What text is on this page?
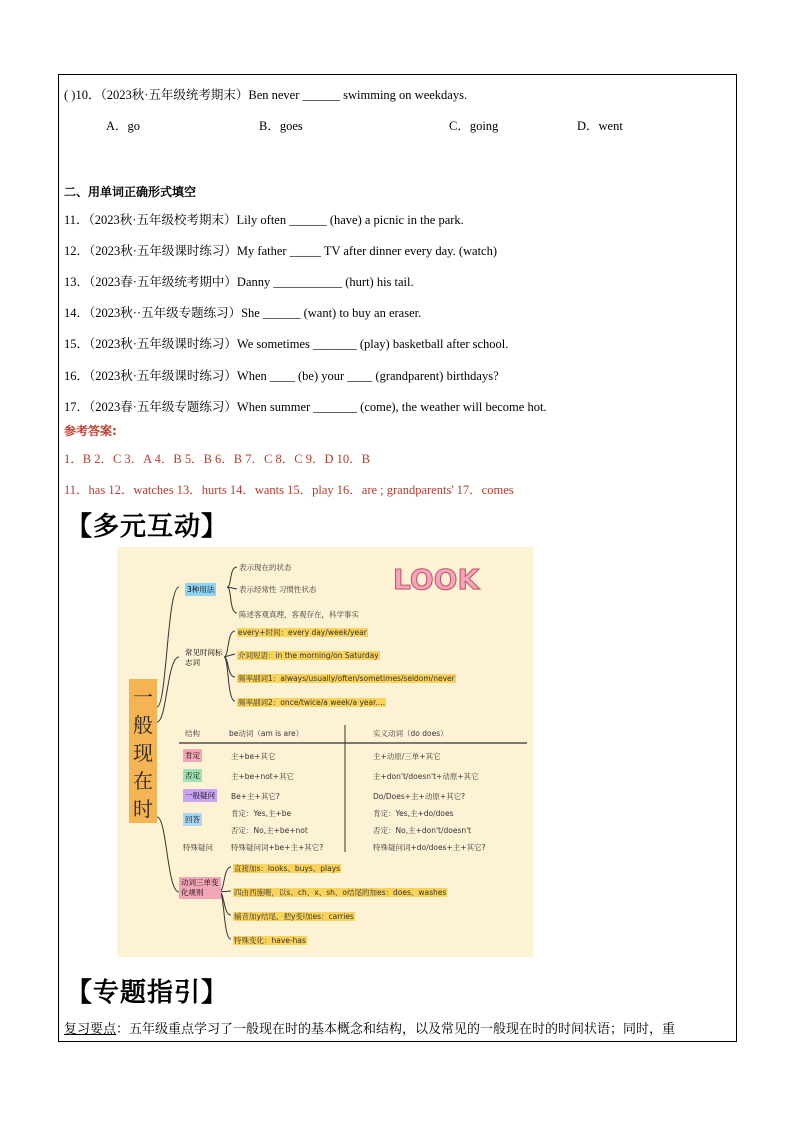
( )10．（2023秋·五年级统考期末）Ben never ______ swimming on weekdays.
A．go	B．goes	C．going	D．went
二、用单词正确形式填空
11．（2023秋·五年级校考期末）Lily often ______ (have) a picnic in the park.
12．（2023秋·五年级课时练习）My father _____ TV after dinner every day. (watch)
13．（2023春·五年级统考期中）Danny ___________ (hurt) his tail.
14．（2023秋··五年级专题练习）She ______ (want) to buy an eraser.
15．（2023秋·五年级课时练习）We sometimes _______ (play) basketball after school.
16．（2023秋·五年级课时练习）When ____ (be) your ____ (grandparent) birthdays?
17．（2023春·五年级专题练习）When summer _______ (come), the weather will become hot.
参考答案:
1．B 2．C 3．A 4．B 5．B 6．B 7．C 8．C 9．D 10．B
11．has 12．watches 13．hurts 14．wants 15．play 16．are ; grandparents' 17．comes
【多元互动】
LOOK
一般现在时
3种用法
表示现在的状态
表示经常性 习惯性状态
陈述客观真理，客观存在，科学事实
常见时间标志词
every+时间：every day/week/year
介词短语：in the morning/on Saturday
频率副词1：always/usually/often/sometimes/seldom/never
频率副词2：once/twice/a week/a year....
结构	be动词（am is are）	实义动词（do does）
肯定	主+be+其它	主+动原/三单+其它
否定	主+be+not+其它	主+don't/doesn't+动原+其它
一般疑问 Be+主+其它?	Do/Does+主+动原+其它?
回答
肯定：Yes,主+be	肯定：Yes,主+do/does
否定：No,主+be+not	否定：No,主+don't/doesn't
特殊疑问 特殊疑问词+be+主+其它?	特殊疑问词+do/does+主+其它?
动词三单变化规则
直接加s：looks、buys、plays
四由西施喔，以s、ch、x、sh、o结尾的加es：does、washes
辅音加y结尾，把y变i加es：carries
特殊变化：have-has
【专题指引】
复习要点：五年级重点学习了一般现在时的基本概念和结构，以及常见的一般现在时的时间状语；同时，重
